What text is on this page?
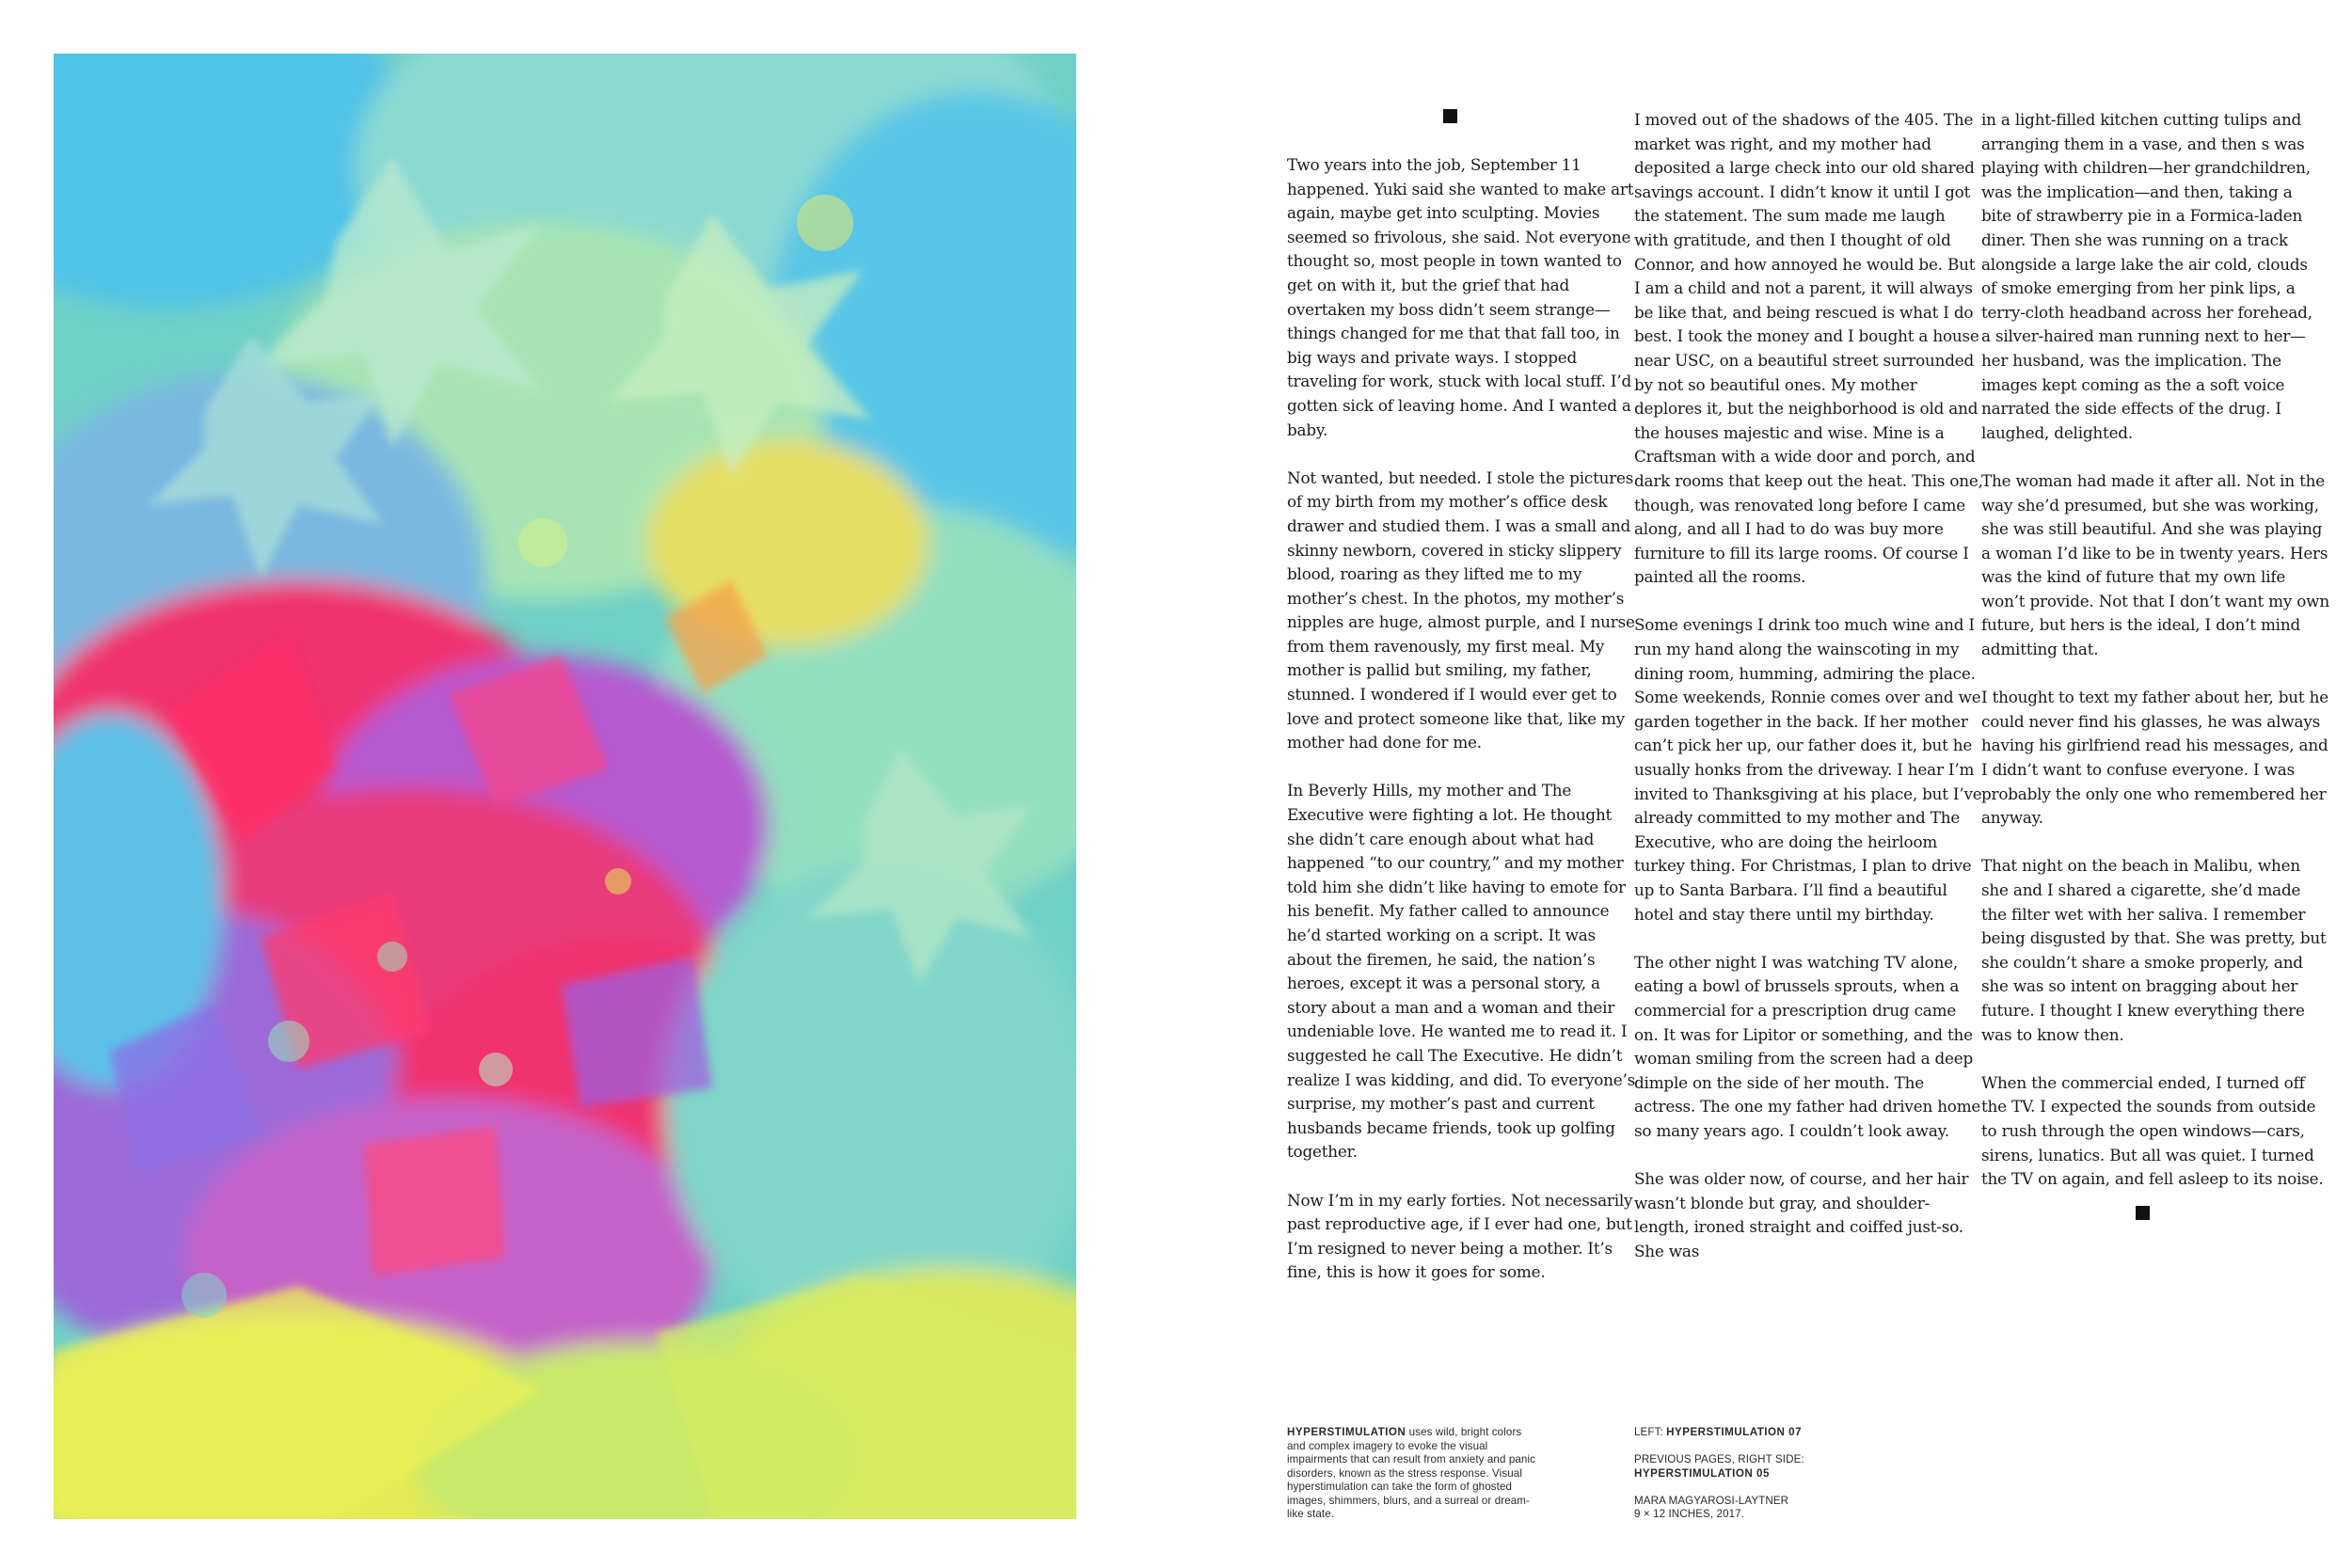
Two years into the job, September 11 happened. Yuki said she wanted to make art again, maybe get into sculpting. Movies seemed so frivolous, she said. Not everyone thought so, most people in town wanted to get on with it, but the grief that had overtaken my boss didn’t seem strange—things changed for me that that fall too, in big ways and private ways. I stopped traveling for work, stuck with local stuff. I’d gotten sick of leaving home. And I wanted a baby.

Not wanted, but needed. I stole the pictures of my birth from my mother’s office desk drawer and studied them. I was a small and skinny newborn, covered in sticky slippery blood, roaring as they lifted me to my mother’s chest. In the photos, my mother’s nipples are huge, almost purple, and I nurse from them ravenously, my first meal. My mother is pallid but smiling, my father, stunned. I wondered if I would ever get to love and protect someone like that, like my mother had done for me.

In Beverly Hills, my mother and The Executive were fighting a lot. He thought she didn’t care enough about what had happened “to our country,” and my mother told him she didn’t like having to emote for his benefit. My father called to announce he’d started working on a script. It was about the firemen, he said, the nation’s heroes, except it was a personal story, a story about a man and a woman and their undeniable love. He wanted me to read it. I suggested he call The Executive. He didn’t realize I was kidding, and did. To everyone’s surprise, my mother’s past and current husbands became friends, took up golfing together.

Now I’m in my early forties. Not necessarily past reproductive age, if I ever had one, but I’m resigned to never being a mother. It’s fine, this is how it goes for some.

I moved out of the shadows of the 405. The market was right, and my mother had deposited a large check into our old shared savings account. I didn’t know it until I got the statement. The sum made me laugh with gratitude, and then I thought of old Connor, and how annoyed he would be. But I am a child and not a parent, it will always be like that, and being rescued is what I do best. I took the money and I bought a house near USC, on a beautiful street surrounded by not so beautiful ones. My mother deplores it, but the neighborhood is old and the houses majestic and wise. Mine is a Craftsman with a wide door and porch, and dark rooms that keep out the heat. This one, though, was renovated long before I came along, and all I had to do was buy more furniture to fill its large rooms. Of course I painted all the rooms.

Some evenings I drink too much wine and I run my hand along the wainscoting in my dining room, humming, admiring the place. Some weekends, Ronnie comes over and we garden together in the back. If her mother can’t pick her up, our father does it, but he usually honks from the driveway. I hear I’m invited to Thanksgiving at his place, but I’ve already committed to my mother and The Executive, who are doing the heirloom turkey thing. For Christmas, I plan to drive up to Santa Barbara. I’ll find a beautiful hotel and stay there until my birthday.

The other night I was watching TV alone, eating a bowl of brussels sprouts, when a commercial for a prescription drug came on. It was for Lipitor or something, and the woman smiling from the screen had a deep dimple on the side of her mouth. The actress. The one my father had driven home so many years ago. I couldn’t look away.

She was older now, of course, and her hair wasn’t blonde but gray, and shoulder-length, ironed straight and coiffed just-so. She was

in a light-filled kitchen cutting tulips and arranging them in a vase, and then s was playing with children—her grandchildren, was the implication—and then, taking a bite of strawberry pie in a Formica-laden diner. Then she was running on a track alongside a large lake the air cold, clouds of smoke emerging from her pink lips, a terry-cloth headband across her forehead, a silver-haired man running next to her—her husband, was the implication. The images kept coming as the a soft voice narrated the side effects of the drug. I laughed, delighted.

The woman had made it after all. Not in the way she’d presumed, but she was working, she was still beautiful. And she was playing a woman I’d like to be in twenty years. Hers was the kind of future that my own life won’t provide. Not that I don’t want my own future, but hers is the ideal, I don’t mind admitting that.

I thought to text my father about her, but he could never find his glasses, he was always having his girlfriend read his messages, and I didn’t want to confuse everyone. I was probably the only one who remembered her anyway.

That night on the beach in Malibu, when she and I shared a cigarette, she’d made the filter wet with her saliva. I remember being disgusted by that. She was pretty, but she couldn’t share a smoke properly, and she was so intent on bragging about her future. I thought I knew everything there was to know then.

When the commercial ended, I turned off the TV. I expected the sounds from outside to rush through the open windows—cars, sirens, lunatics. But all was quiet. I turned the TV on again, and fell asleep to its noise.

HYPERSTIMULATION uses wild, bright colors and complex imagery to evoke the visual impairments that can result from anxiety and panic disorders, known as the stress response. Visual hyperstimulation can take the form of ghosted images, shimmers, blurs, and a surreal or dream-like state.
LEFT: HYPERSTIMULATION 07
PREVIOUS PAGES, RIGHT SIDE:
HYPERSTIMULATION 05
MARA MAGYAROSI-LAYTNER
9 × 12 INCHES, 2017.
